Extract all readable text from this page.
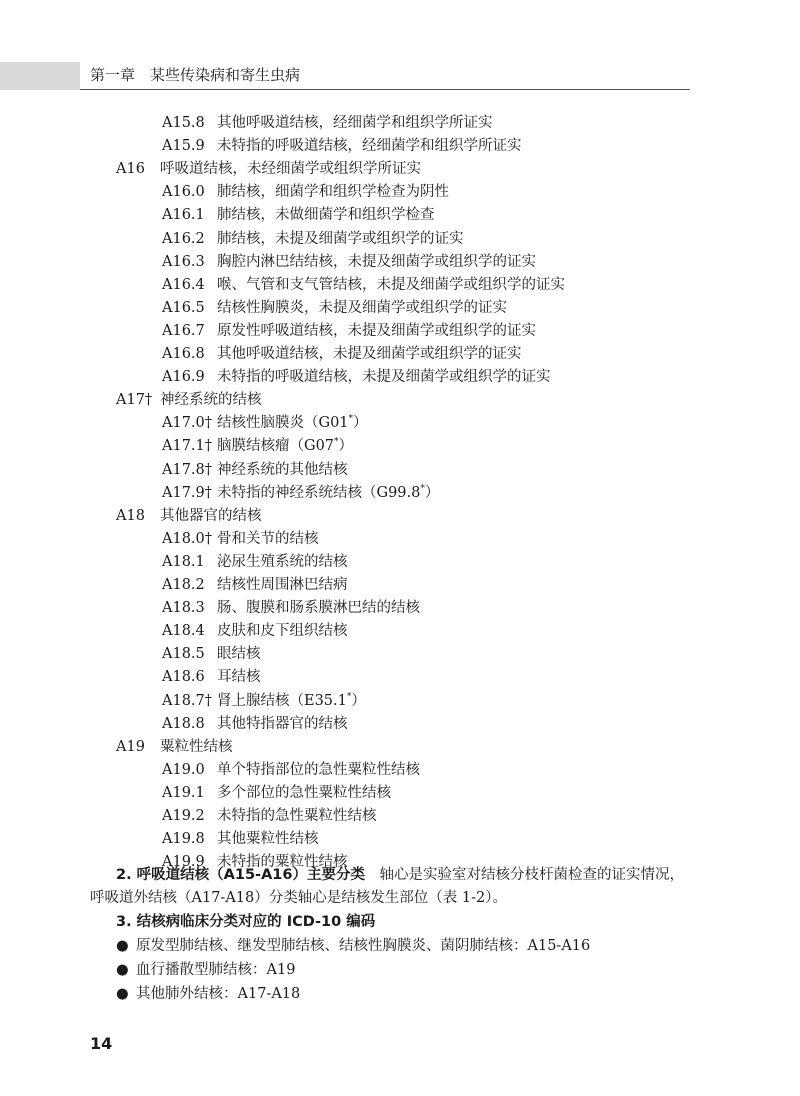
第一章　某些传染病和寄生虫病
A15.8 其他呼吸道结核，经细菌学和组织学所证实
A15.9 未特指的呼吸道结核，经细菌学和组织学所证实
A16 呼吸道结核，未经细菌学或组织学所证实
A16.0 肺结核，细菌学和组织学检查为阴性
A16.1 肺结核，未做细菌学和组织学检查
A16.2 肺结核，未提及细菌学或组织学的证实
A16.3 胸腔内淋巴结结核，未提及细菌学或组织学的证实
A16.4 喉、气管和支气管结核，未提及细菌学或组织学的证实
A16.5 结核性胸膜炎，未提及细菌学或组织学的证实
A16.7 原发性呼吸道结核，未提及细菌学或组织学的证实
A16.8 其他呼吸道结核，未提及细菌学或组织学的证实
A16.9 未特指的呼吸道结核，未提及细菌学或组织学的证实
A17† 神经系统的结核
A17.0† 结核性脑膜炎（G01*）
A17.1† 脑膜结核瘤（G07*）
A17.8† 神经系统的其他结核
A17.9† 未特指的神经系统结核（G99.8*）
A18 其他器官的结核
A18.0† 骨和关节的结核
A18.1 泌尿生殖系统的结核
A18.2 结核性周围淋巴结病
A18.3 肠、腹膜和肠系膜淋巴结的结核
A18.4 皮肤和皮下组织结核
A18.5 眼结核
A18.6 耳结核
A18.7† 肾上腺结核（E35.1*）
A18.8 其他特指器官的结核
A19 粟粒性结核
A19.0 单个特指部位的急性粟粒性结核
A19.1 多个部位的急性粟粒性结核
A19.2 未特指的急性粟粒性结核
A19.8 其他粟粒性结核
A19.9 未特指的粟粒性结核
2. 呼吸道结核（A15-A16）主要分类　轴心是实验室对结核分枝杆菌检查的证实情况，
呼吸道外结核（A17-A18）分类轴心是结核发生部位（表 1-2）。
3. 结核病临床分类对应的 ICD-10 编码
● 原发型肺结核、继发型肺结核、结核性胸膜炎、菌阴肺结核：A15-A16
● 血行播散型肺结核：A19
● 其他肺外结核：A17-A18
14
